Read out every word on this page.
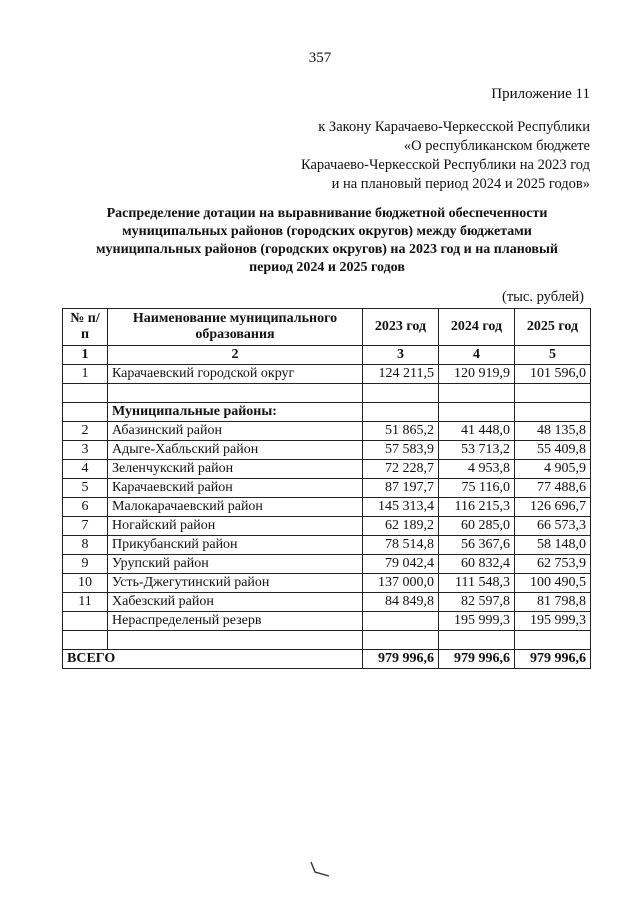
357
Приложение 11
к Закону Карачаево-Черкесской Республики
«О республиканском бюджете
Карачаево-Черкесской Республики на 2023 год
и на плановый период 2024 и 2025 годов»
Распределение дотации на выравнивание бюджетной обеспеченности
муниципальных районов (городских округов) между бюджетами
муниципальных районов (городских округов) на 2023 год и на плановый
период 2024 и 2025 годов
(тыс. рублей)
№ п/п	Наименование муниципального образования	2023 год	2024 год	2025 год
1	2	3	4	5
1	Карачаевский городской округ	124 211,5	120 919,9	101 596,0

	Муниципальные районы:			
2	Абазинский район	51 865,2	41 448,0	48 135,8
3	Адыге-Хабльский район	57 583,9	53 713,2	55 409,8
4	Зеленчукский район	72 228,7	4 953,8	4 905,9
5	Карачаевский район	87 197,7	75 116,0	77 488,6
6	Малокарачаевский район	145 313,4	116 215,3	126 696,7
7	Ногайский район	62 189,2	60 285,0	66 573,3
8	Прикубанский район	78 514,8	56 367,6	58 148,0
9	Урупский район	79 042,4	60 832,4	62 753,9
10	Усть-Джегутинский район	137 000,0	111 548,3	100 490,5
11	Хабезский район	84 849,8	82 597,8	81 798,8
	Нераспределеный резерв		195 999,3	195 999,3

ВСЕГО		979 996,6	979 996,6	979 996,6
